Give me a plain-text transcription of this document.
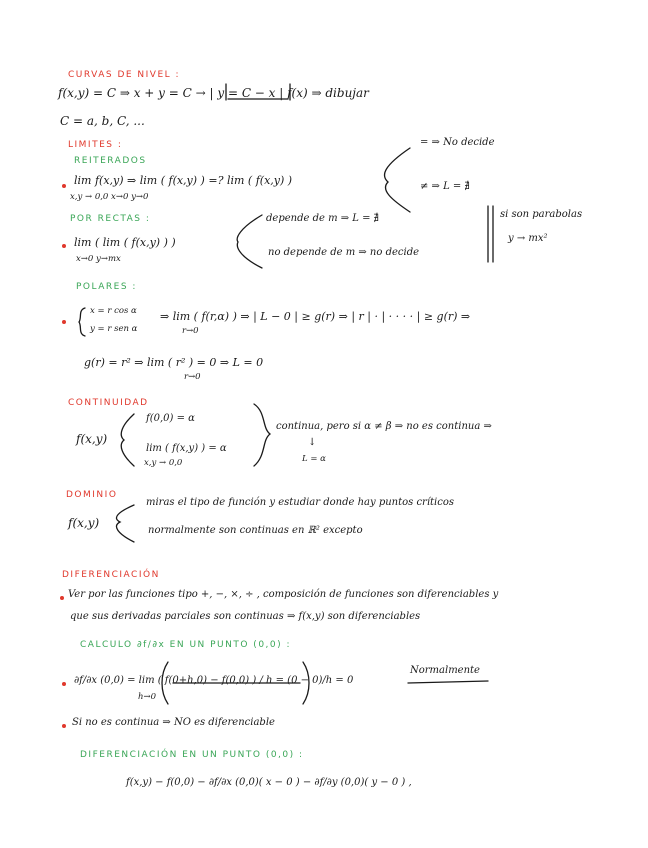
CURVAS DE NIVEL :
f(x,y) = C ⇒ x + y = C → | y = C − x | f(x) ⇒ dibujar
C = a, b, C, ...
LIMITES :
REITERADOS
lim f(x,y) ⇒ lim ( f(x,y) ) =? lim ( f(x,y) )
x,y → 0,0 x→0 y→0
= ⇒ No decide
≠ ⇒ L = ∄
POR RECTAS :
lim ( lim ( f(x,y) ) )
x→0 y→mx
depende de m ⇒ L = ∄
no depende de m ⇒ no decide
si son parabolas
y → mx²
POLARES :
x = r cos α
y = r sen α
⇒ lim ( f(r,α) ) ⇒ | L − 0 | ≥ g(r) ⇒ | r | · | · · · · | ≥ g(r) ⇒
r→0
g(r) = r² ⇒ lim ( r² ) = 0 ⇒ L = 0
r→0
CONTINUIDAD
f(x,y)
f(0,0) = α
lim ( f(x,y) ) = α
x,y → 0,0
continua, pero si α ≠ β ⇒ no es continua ⇒
↓
L = α
DOMINIO
f(x,y)
miras el tipo de función y estudiar donde hay puntos críticos
normalmente son continuas en ℝ² excepto
DIFERENCIACIÓN
Ver por las funciones tipo +, −, ×, ÷ , composición de funciones son diferenciables y
que sus derivadas parciales son continuas ⇒ f(x,y) son diferenciables
CALCULO ∂f/∂x EN UN PUNTO (0,0) :
∂f/∂x (0,0) = lim ( f(0+h,0) − f(0,0) ) / h = (0 − 0)/h = 0
h→0
Normalmente
Si no es continua ⇒ NO es diferenciable
DIFERENCIACIÓN EN UN PUNTO (0,0) :
f(x,y) − f(0,0) − ∂f/∂x (0,0)( x − 0 ) − ∂f/∂y (0,0)( y − 0 ) ,
